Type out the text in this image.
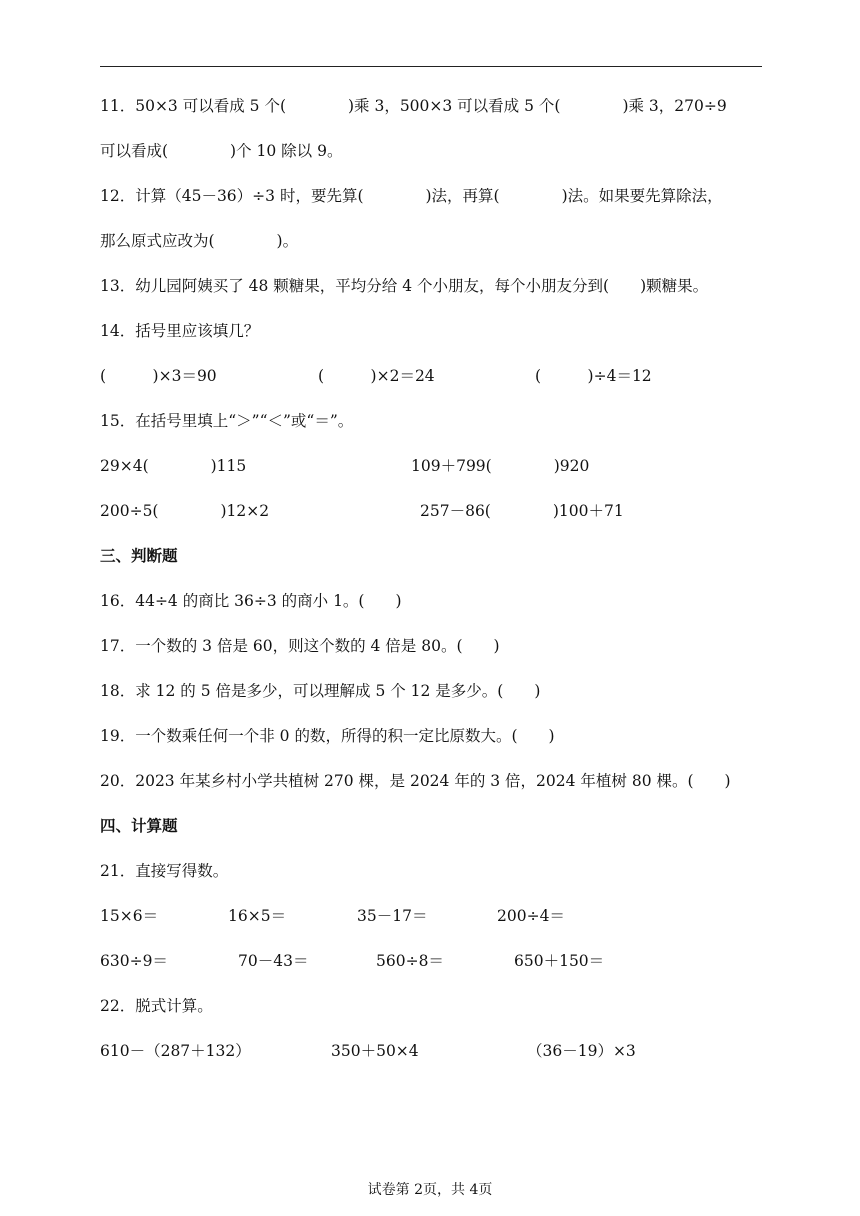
11．50×3 可以看成 5 个(　　　　)乘 3，500×3 可以看成 5 个(　　　　)乘 3，270÷9
可以看成(　　　　)个 10 除以 9。
12．计算（45－36）÷3 时，要先算(　　　　)法，再算(　　　　)法。如果要先算除法，
那么原式应改为(　　　　)。
13．幼儿园阿姨买了 48 颗糖果，平均分给 4 个小朋友，每个小朋友分到(　　)颗糖果。
14．括号里应该填几？
(　　　)×3＝90	(　　　)×2＝24	(　　　)÷4＝12
15．在括号里填上“＞”“＜”或“＝”。
29×4(　　　　)115	109＋799(　　　　)920
200÷5(　　　　)12×2	257－86(　　　　)100＋71
三、判断题
16．44÷4 的商比 36÷3 的商小 1。(　　)
17．一个数的 3 倍是 60，则这个数的 4 倍是 80。(　　)
18．求 12 的 5 倍是多少，可以理解成 5 个 12 是多少。(　　)
19．一个数乘任何一个非 0 的数，所得的积一定比原数大。(　　)
20．2023 年某乡村小学共植树 270 棵，是 2024 年的 3 倍，2024 年植树 80 棵。(　　)
四、计算题
21．直接写得数。
15×6＝	16×5＝	35－17＝	200÷4＝
630÷9＝	70－43＝	560÷8＝	650＋150＝
22．脱式计算。
610－（287＋132）	350＋50×4	（36－19）×3
试卷第 2页，共 4页
